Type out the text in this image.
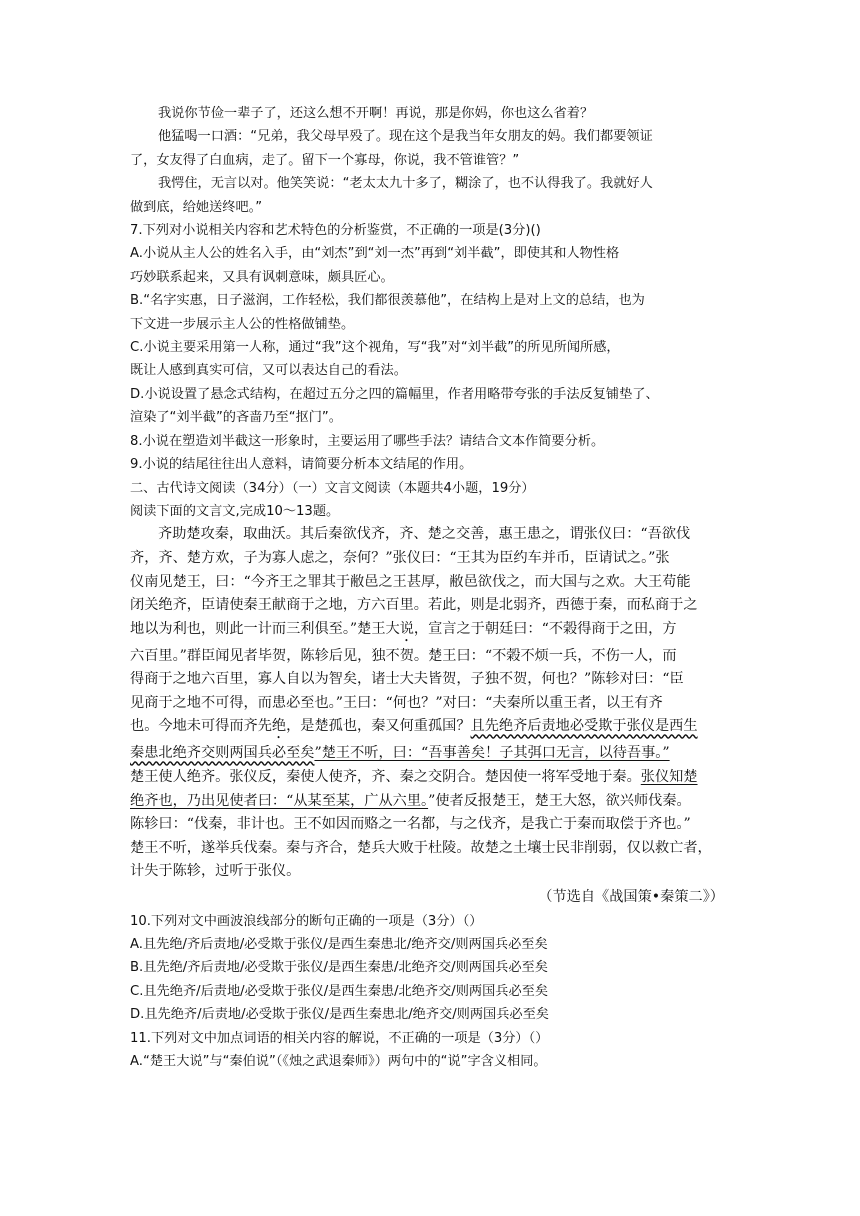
我说你节俭一辈子了，还这么想不开啊！再说，那是你妈，你也这么省着？

他猛喝一口酒：“兄弟，我父母早殁了。现在这个是我当年女朋友的妈。我们都要领证

了，女友得了白血病，走了。留下一个寡母，你说，我不管谁管？”

我愕住，无言以对。他笑笑说：“老太太九十多了，糊涂了，也不认得我了。我就好人

做到底，给她送终吧。”

7.下列对小说相关内容和艺术特色的分析鉴赏，不正确的一项是(3分)()

A.小说从主人公的姓名入手，由“刘杰”到“刘一杰”再到“刘半截”，即使其和人物性格

巧妙联系起来，又具有讽刺意味，颇具匠心。

B.“名字实惠，日子滋润，工作轻松，我们都很羡慕他”，在结构上是对上文的总结，也为

下文进一步展示主人公的性格做铺垫。

C.小说主要采用第一人称，通过“我”这个视角，写“我”对“刘半截”的所见所闻所感，

既让人感到真实可信，又可以表达自己的看法。

D.小说设置了悬念式结构，在超过五分之四的篇幅里，作者用略带夸张的手法反复铺垫了、

渲染了“刘半截”的吝啬乃至“抠门”。

8.小说在塑造刘半截这一形象时，主要运用了哪些手法？请结合文本作简要分析。

9.小说的结尾往往出人意料，请简要分析本文结尾的作用。

二、古代诗文阅读（34分）（一）文言文阅读（本题共4小题，19分）

阅读下面的文言文,完成10～13题。

齐助楚攻秦，取曲沃。其后秦欲伐齐，齐、楚之交善，惠王患之，谓张仪曰：“吾欲伐

齐，齐、楚方欢，子为寡人虑之，奈何？”张仪曰：“王其为臣约车并币，臣请试之。”张

仪南见楚王，曰：“今齐王之罪其于敝邑之王甚厚，敝邑欲伐之，而大国与之欢。大王苟能

闭关绝齐，臣请使秦王献商于之地，方六百里。若此，则是北弱齐，西德于秦，而私商于之

地以为利也，则此一计而三利俱至。”楚王大说，宣言之于朝廷曰：“不榖得商于之田，方

六百里。”群臣闻见者毕贺，陈轸后见，独不贺。楚王曰：“不榖不烦一兵，不伤一人，而

得商于之地六百里，寡人自以为智矣，诸士大夫皆贺，子独不贺，何也？”陈轸对曰：“臣

见商于之地不可得，而患必至也。”王曰：“何也？”对曰：“夫秦所以重王者，以王有齐

也。今地未可得而齐先绝，是楚孤也，秦又何重孤国？且先绝齐后责地必受欺于张仪是西生

秦患北绝齐交则两国兵必至矣”楚王不听，曰：“吾事善矣！子其弭口无言，以待吾事。”

楚王使人绝齐。张仪反，秦使人使齐，齐、秦之交阴合。楚因使一将军受地于秦。张仪知楚

绝齐也，乃出见使者曰：“从某至某，广从六里。”使者反报楚王，楚王大怒，欲兴师伐秦。

陈轸曰：“伐秦，非计也。王不如因而赂之一名都，与之伐齐，是我亡于秦而取偿于齐也。”

楚王不听，遂举兵伐秦。秦与齐合，楚兵大败于杜陵。故楚之土壤士民非削弱，仅以救亡者，

计失于陈轸，过听于张仪。

（节选自《战国策•秦策二》）

10.下列对文中画波浪线部分的断句正确的一项是（3分）（）

A.且先绝/齐后责地/必受欺于张仪/是西生秦患北/绝齐交/则两国兵必至矣

B.且先绝/齐后责地/必受欺于张仪/是西生秦患/北绝齐交/则两国兵必至矣

C.且先绝齐/后责地/必受欺于张仪/是西生秦患/北绝齐交/则两国兵必至矣

D.且先绝齐/后责地/必受欺于张仪/是西生秦患北/绝齐交/则两国兵必至矣

11.下列对文中加点词语的相关内容的解说，不正确的一项是（3分）（）

A.“楚王大说”与“秦伯说”（《烛之武退秦师》）两句中的“说”字含义相同。
